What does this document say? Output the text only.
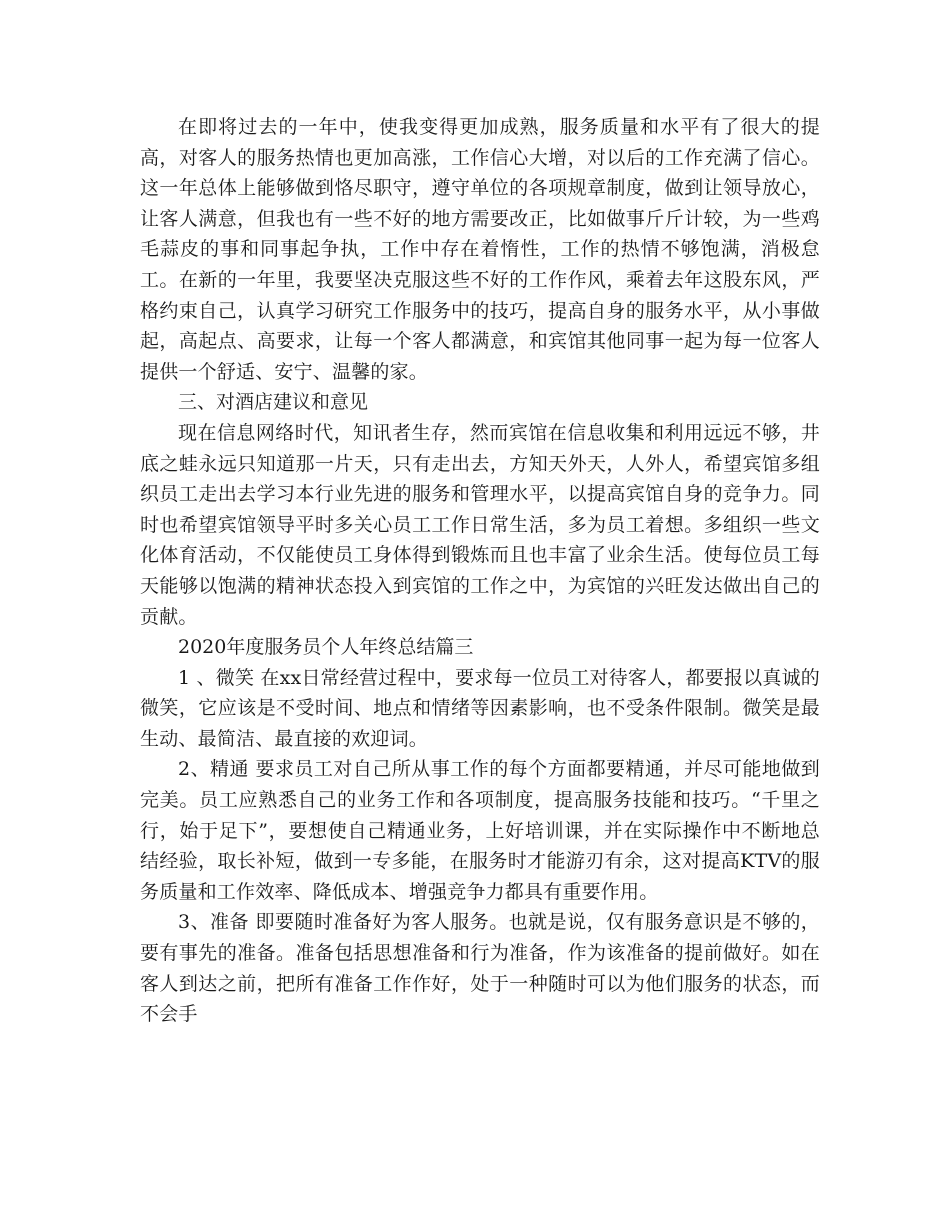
在即将过去的一年中，使我变得更加成熟，服务质量和水平有了很大的提高，对客人的服务热情也更加高涨，工作信心大增，对以后的工作充满了信心。这一年总体上能够做到恪尽职守，遵守单位的各项规章制度，做到让领导放心，让客人满意，但我也有一些不好的地方需要改正，比如做事斤斤计较，为一些鸡毛蒜皮的事和同事起争执，工作中存在着惰性，工作的热情不够饱满，消极怠工。在新的一年里，我要坚决克服这些不好的工作作风，乘着去年这股东风，严格约束自己，认真学习研究工作服务中的技巧，提高自身的服务水平，从小事做起，高起点、高要求，让每一个客人都满意，和宾馆其他同事一起为每一位客人提供一个舒适、安宁、温馨的家。

三、对酒店建议和意见

现在信息网络时代，知讯者生存，然而宾馆在信息收集和利用远远不够，井底之蛙永远只知道那一片天，只有走出去，方知天外天，人外人，希望宾馆多组织员工走出去学习本行业先进的服务和管理水平，以提高宾馆自身的竞争力。同时也希望宾馆领导平时多关心员工工作日常生活，多为员工着想。多组织一些文化体育活动，不仅能使员工身体得到锻炼而且也丰富了业余生活。使每位员工每天能够以饱满的精神状态投入到宾馆的工作之中，为宾馆的兴旺发达做出自己的贡献。

2020年度服务员个人年终总结篇三

1 、微笑 在xx日常经营过程中，要求每一位员工对待客人，都要报以真诚的微笑，它应该是不受时间、地点和情绪等因素影响，也不受条件限制。微笑是最生动、最简洁、最直接的欢迎词。

2、精通 要求员工对自己所从事工作的每个方面都要精通，并尽可能地做到完美。员工应熟悉自己的业务工作和各项制度，提高服务技能和技巧。“千里之行，始于足下”，要想使自己精通业务，上好培训课，并在实际操作中不断地总结经验，取长补短，做到一专多能，在服务时才能游刃有余，这对提高KTV的服务质量和工作效率、降低成本、增强竞争力都具有重要作用。

3、准备 即要随时准备好为客人服务。也就是说，仅有服务意识是不够的，要有事先的准备。准备包括思想准备和行为准备，作为该准备的提前做好。如在客人到达之前，把所有准备工作作好，处于一种随时可以为他们服务的状态，而不会手
